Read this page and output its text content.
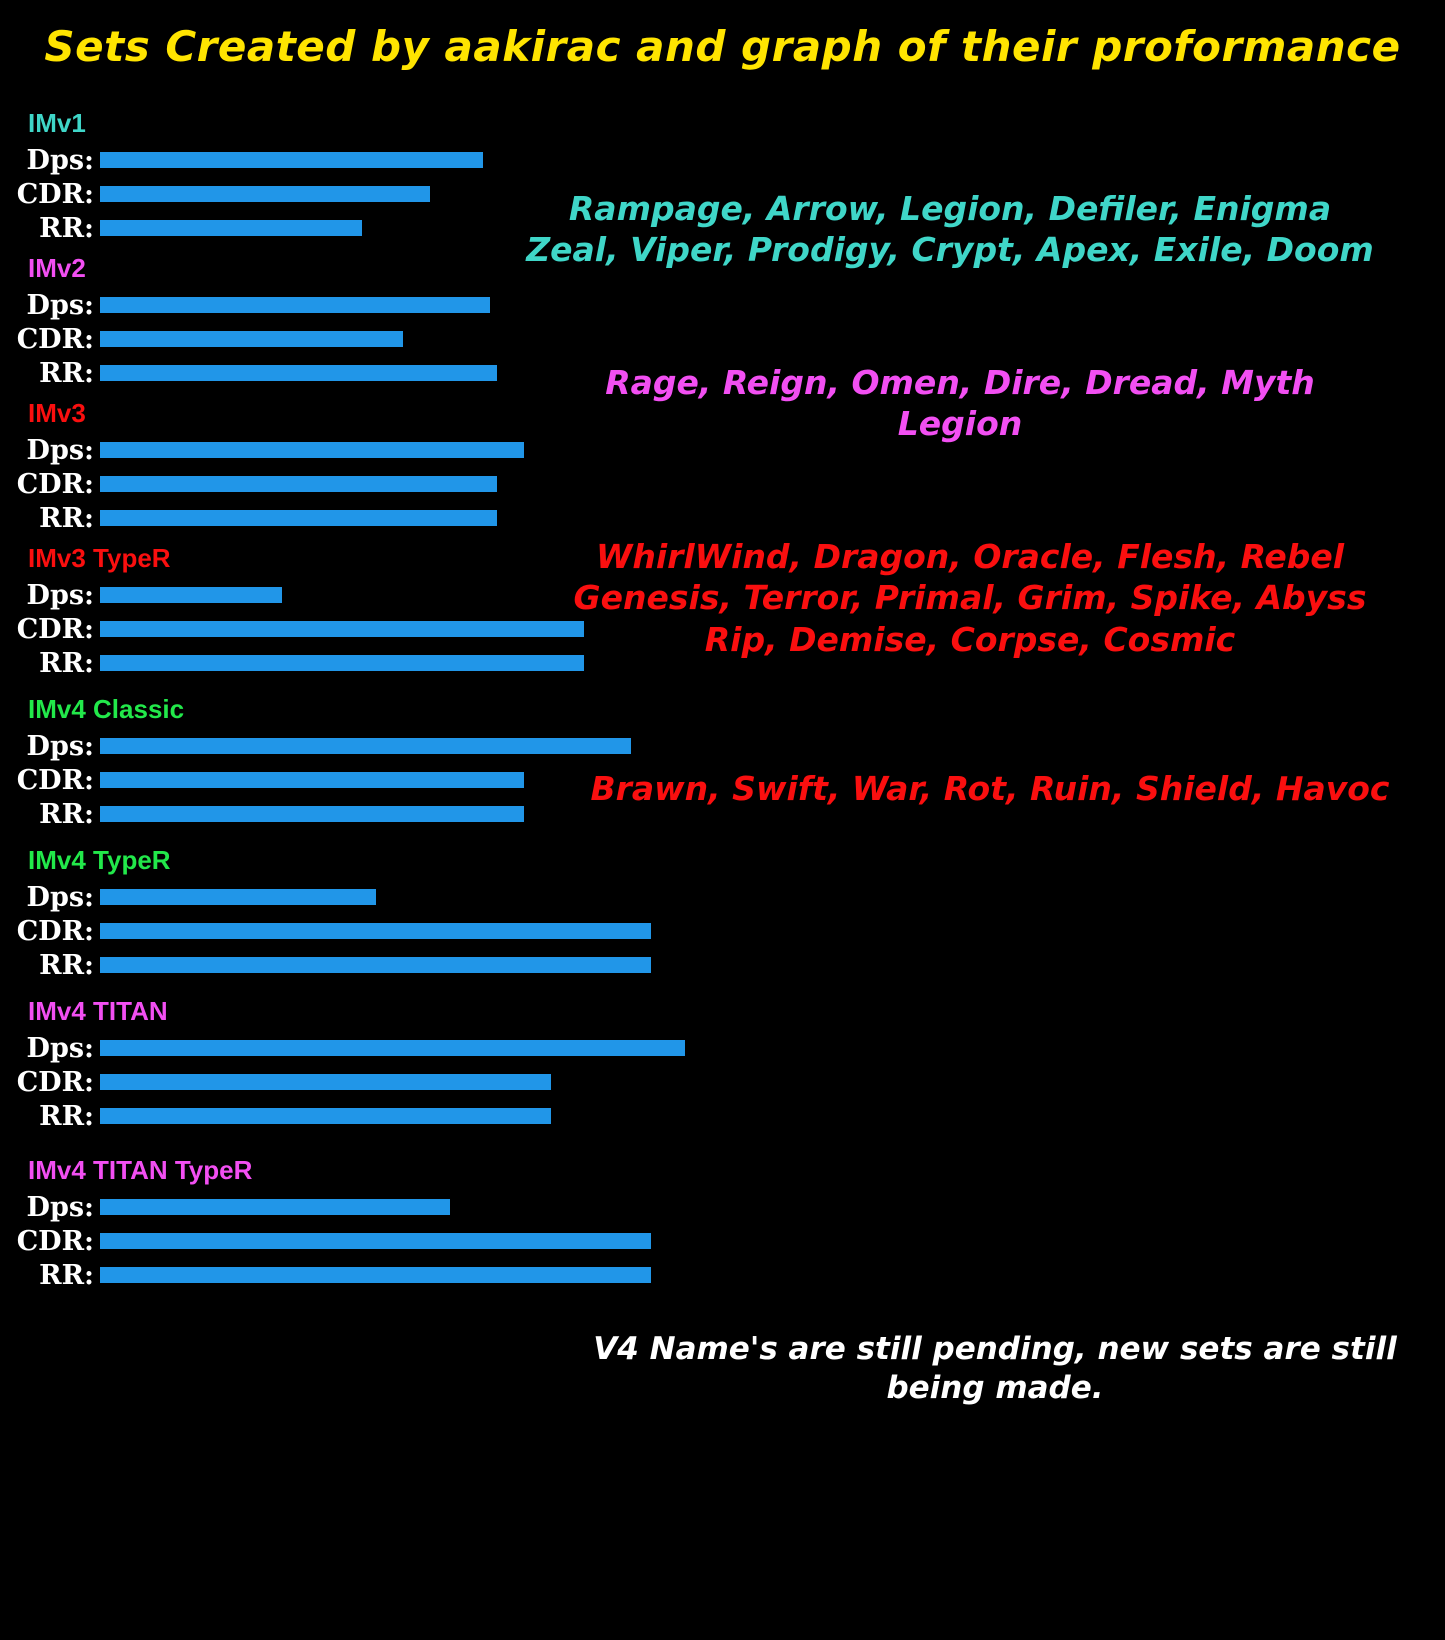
Sets Created by aakirac and graph of their proformance
IMv1
Dps:
CDR:
RR:
IMv2
Dps:
CDR:
RR:
IMv3
Dps:
CDR:
RR:
IMv3 TypeR
Dps:
CDR:
RR:
IMv4 Classic
Dps:
CDR:
RR:
IMv4 TypeR
Dps:
CDR:
RR:
IMv4 TITAN
Dps:
CDR:
RR:
IMv4 TITAN TypeR
Dps:
CDR:
RR:
Rampage, Arrow, Legion, Defiler, Enigma
Zeal, Viper, Prodigy, Crypt, Apex, Exile, Doom
Rage, Reign, Omen, Dire, Dread, Myth
Legion
WhirlWind, Dragon, Oracle, Flesh, Rebel
Genesis, Terror, Primal, Grim, Spike, Abyss
Rip, Demise, Corpse, Cosmic
Brawn, Swift, War, Rot, Ruin, Shield, Havoc
V4 Name's are still pending, new sets are still being made.
